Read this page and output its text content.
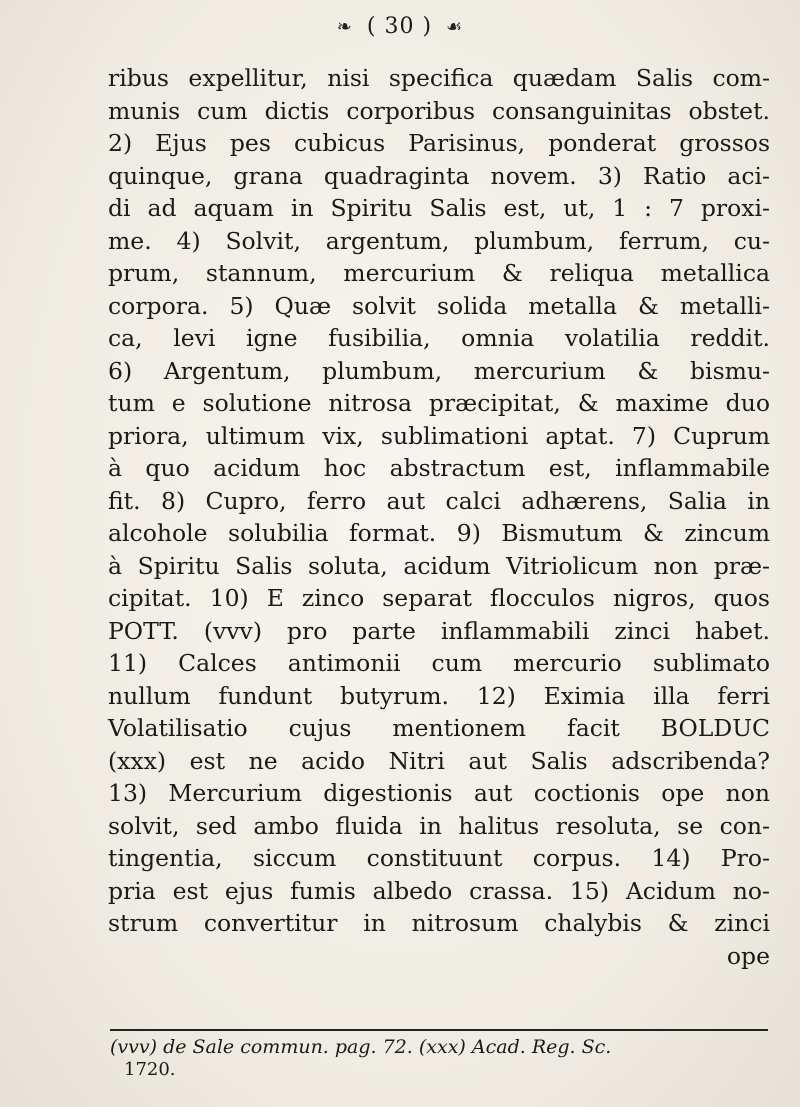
❧ ( 30 ) ☙
ribus expellitur, nisi specifica quædam Salis com-
munis cum dictis corporibus consanguinitas obstet.
2) Ejus pes cubicus Parisinus, ponderat grossos
quinque, grana quadraginta novem. 3) Ratio aci-
di ad aquam in Spiritu Salis est, ut, 1 : 7 proxi-
me. 4) Solvit, argentum, plumbum, ferrum, cu-
prum, stannum, mercurium & reliqua metallica
corpora. 5) Quæ solvit solida metalla & metalli-
ca, levi igne fusibilia, omnia volatilia reddit.
6) Argentum, plumbum, mercurium & bismu-
tum e solutione nitrosa præcipitat, & maxime duo
priora, ultimum vix, sublimationi aptat. 7) Cuprum
à quo acidum hoc abstractum est, inflammabile
fit. 8) Cupro, ferro aut calci adhærens, Salia in
alcohole solubilia format. 9) Bismutum & zincum
à Spiritu Salis soluta, acidum Vitriolicum non præ-
cipitat. 10) E zinco separat flocculos nigros, quos
POTT. (vvv) pro parte inflammabili zinci habet.
11) Calces antimonii cum mercurio sublimato
nullum fundunt butyrum. 12) Eximia illa ferri
Volatilisatio cujus mentionem facit BOLDUC
(xxx) est ne acido Nitri aut Salis adscribenda?
13) Mercurium digestionis aut coctionis ope non
solvit, sed ambo fluida in halitus resoluta, se con-
tingentia, siccum constituunt corpus. 14) Pro-
pria est ejus fumis albedo crassa. 15) Acidum no-
strum convertitur in nitrosum chalybis & zinci
ope
(vvv) de Sale commun. pag. 72. (xxx) Acad. Reg. Sc.
1720.
